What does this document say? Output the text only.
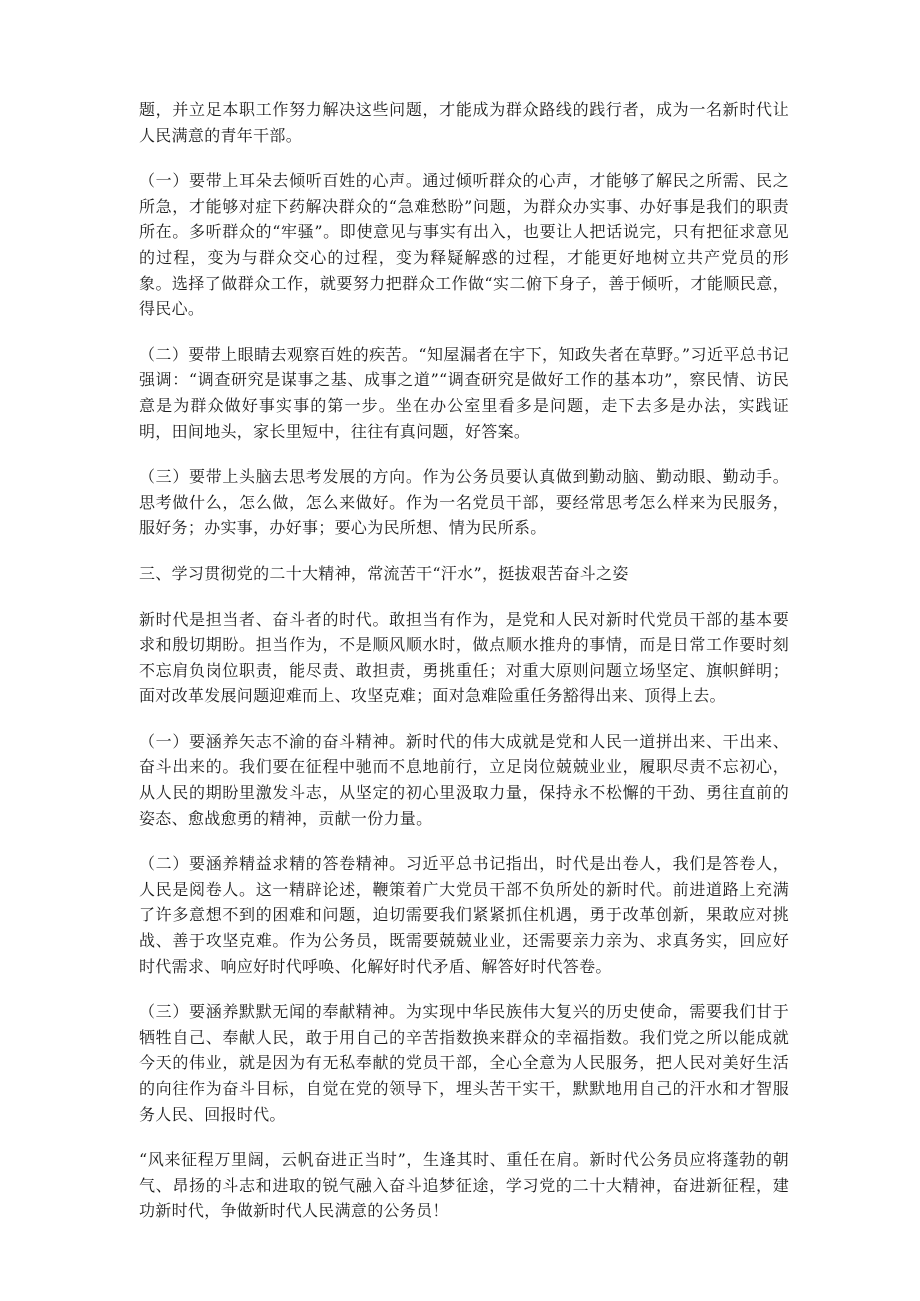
题，并立足本职工作努力解决这些问题，才能成为群众路线的践行者，成为一名新时代让人民满意的青年干部。

（一）要带上耳朵去倾听百姓的心声。通过倾听群众的心声，才能够了解民之所需、民之所急，才能够对症下药解决群众的“急难愁盼”问题，为群众办实事、办好事是我们的职责所在。多听群众的“牢骚”。即使意见与事实有出入，也要让人把话说完，只有把征求意见的过程，变为与群众交心的过程，变为释疑解惑的过程，才能更好地树立共产党员的形象。选择了做群众工作，就要努力把群众工作做“实二俯下身子，善于倾听，才能顺民意，得民心。

（二）要带上眼睛去观察百姓的疾苦。“知屋漏者在宇下，知政失者在草野。”习近平总书记强调：“调查研究是谋事之基、成事之道”“调查研究是做好工作的基本功”，察民情、访民意是为群众做好事实事的第一步。坐在办公室里看多是问题，走下去多是办法，实践证明，田间地头，家长里短中，往往有真问题，好答案。

（三）要带上头脑去思考发展的方向。作为公务员要认真做到勤动脑、勤动眼、勤动手。思考做什么，怎么做，怎么来做好。作为一名党员干部，要经常思考怎么样来为民服务，服好务；办实事，办好事；要心为民所想、情为民所系。

三、学习贯彻党的二十大精神，常流苦干“汗水”，挺拔艰苦奋斗之姿

新时代是担当者、奋斗者的时代。敢担当有作为，是党和人民对新时代党员干部的基本要求和殷切期盼。担当作为，不是顺风顺水时，做点顺水推舟的事情，而是日常工作要时刻不忘肩负岗位职责，能尽责、敢担责，勇挑重任；对重大原则问题立场坚定、旗帜鲜明；面对改革发展问题迎难而上、攻坚克难；面对急难险重任务豁得出来、顶得上去。

（一）要涵养矢志不渝的奋斗精神。新时代的伟大成就是党和人民一道拼出来、干出来、奋斗出来的。我们要在征程中驰而不息地前行，立足岗位兢兢业业，履职尽责不忘初心，从人民的期盼里激发斗志，从坚定的初心里汲取力量，保持永不松懈的干劲、勇往直前的姿态、愈战愈勇的精神，贡献一份力量。

（二）要涵养精益求精的答卷精神。习近平总书记指出，时代是出卷人，我们是答卷人，人民是阅卷人。这一精辟论述，鞭策着广大党员干部不负所处的新时代。前进道路上充满了许多意想不到的困难和问题，迫切需要我们紧紧抓住机遇，勇于改革创新，果敢应对挑战、善于攻坚克难。作为公务员，既需要兢兢业业，还需要亲力亲为、求真务实，回应好时代需求、响应好时代呼唤、化解好时代矛盾、解答好时代答卷。

（三）要涵养默默无闻的奉献精神。为实现中华民族伟大复兴的历史使命，需要我们甘于牺牲自己、奉献人民，敢于用自己的辛苦指数换来群众的幸福指数。我们党之所以能成就今天的伟业，就是因为有无私奉献的党员干部，全心全意为人民服务，把人民对美好生活的向往作为奋斗目标，自觉在党的领导下，埋头苦干实干，默默地用自己的汗水和才智服务人民、回报时代。

“风来征程万里阔，云帆奋进正当时”，生逢其时、重任在肩。新时代公务员应将蓬勃的朝气、昂扬的斗志和进取的锐气融入奋斗追梦征途，学习党的二十大精神，奋进新征程，建功新时代，争做新时代人民满意的公务员！
